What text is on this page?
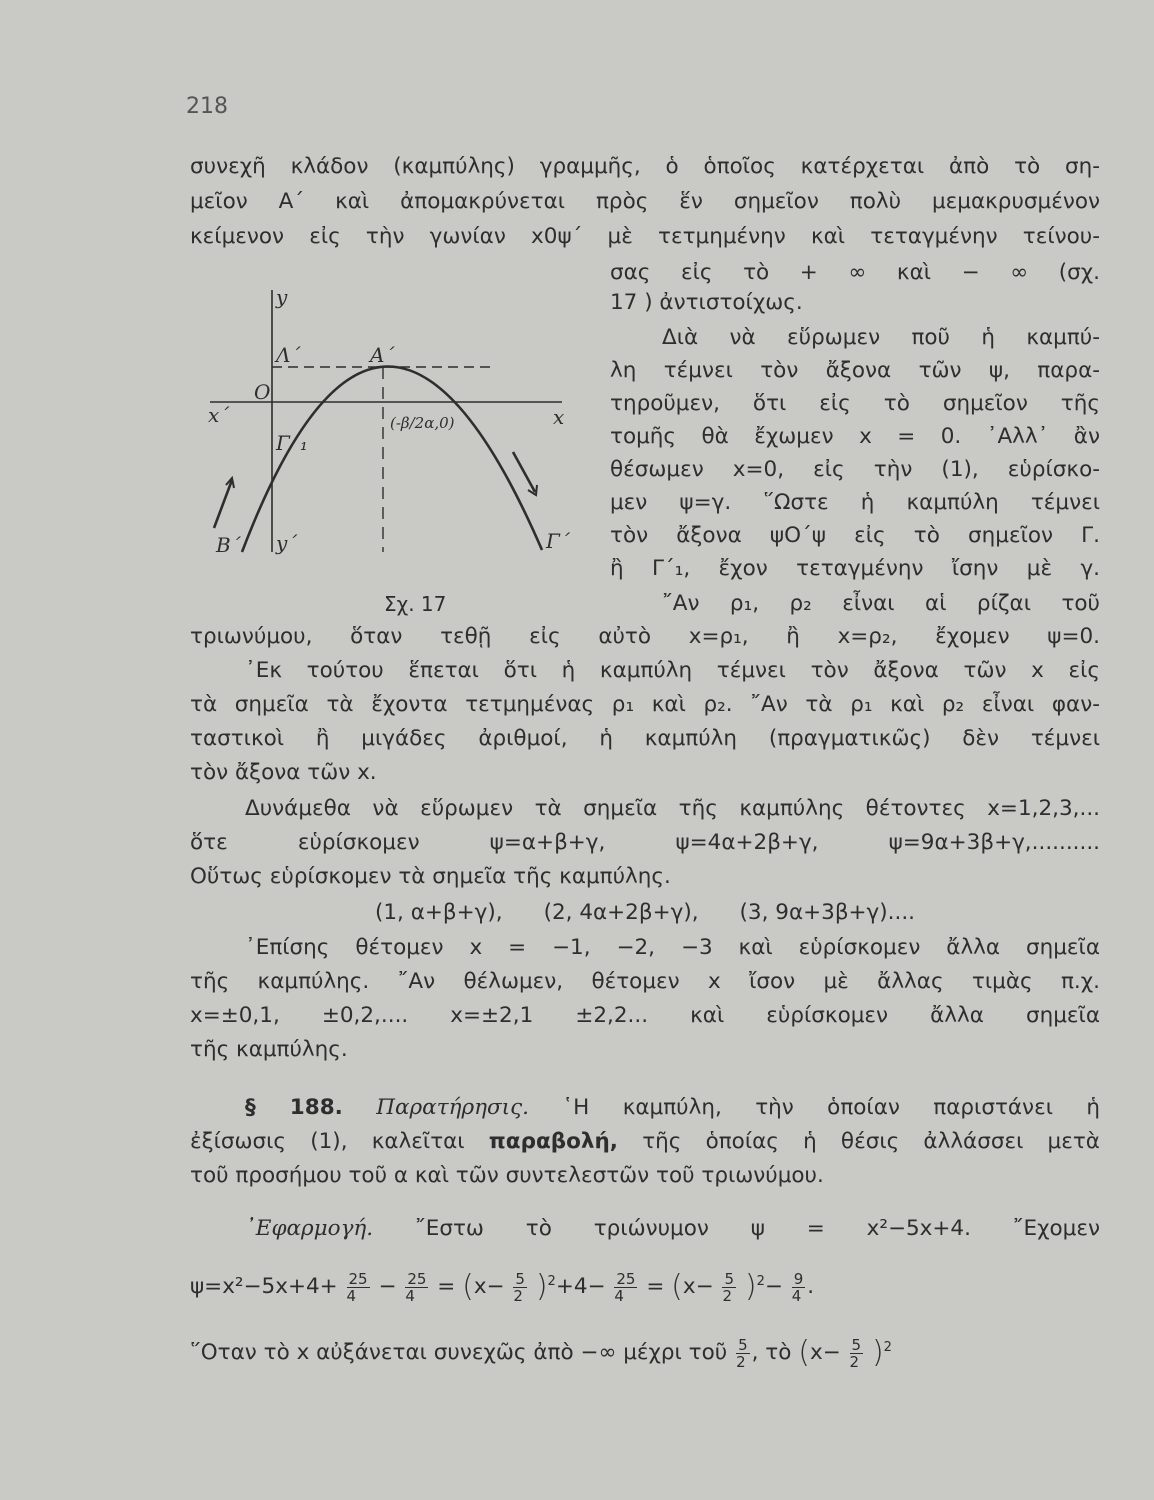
218
συνεχῆ κλάδον (καμπύλης) γραμμῆς, ὁ ὁποῖος κατέρχεται ἀπὸ τὸ ση-
μεῖον Α΄ καὶ ἀπομακρύνεται πρὸς ἕν σημεῖον πολὺ μεμακρυσμένον
κείμενον εἰς τὴν γωνίαν x0ψ΄ μὲ τετμημένην καὶ τεταγμένην τείνου-
σας εἰς τὸ + ∞ καὶ − ∞ (σχ.
17 ) ἀντιστοίχως.
Διὰ νὰ εὕρωμεν ποῦ ἡ καμπύ-
λη τέμνει τὸν ἄξονα τῶν ψ, παρα-
τηροῦμεν, ὅτι εἰς τὸ σημεῖον τῆς
τομῆς θὰ ἔχωμεν x = 0. ᾿Αλλ᾿ ἂν
θέσωμεν x=0, εἰς τὴν (1), εὑρίσκο-
μεν ψ=γ. ῞Ωστε ἡ καμπύλη τέμνει
τὸν ἄξονα ψO΄ψ εἰς τὸ σημεῖον Γ.
ἢ Γ΄₁, ἔχον τεταγμένην ἴσην μὲ γ.
῎Αν ρ₁, ρ₂ εἶναι αἱ ρίζαι τοῦ
y
y΄
x
x΄
O
Λ΄	Α΄
(-β/2α,0)
Γ΄₁
Β΄	Γ΄
Σχ. 17
τριωνύμου, ὅταν τεθῇ εἰς αὐτὸ x=ρ₁, ἢ x=ρ₂, ἔχομεν ψ=0.
᾿Εκ τούτου ἕπεται ὅτι ἡ καμπύλη τέμνει τὸν ἄξονα τῶν x εἰς
τὰ σημεῖα τὰ ἔχοντα τετμημένας ρ₁ καὶ ρ₂. ῎Αν τὰ ρ₁ καὶ ρ₂ εἶναι φαν-
ταστικοὶ ἢ μιγάδες ἀριθμοί, ἡ καμπύλη (πραγματικῶς) δὲν τέμνει
τὸν ἄξονα τῶν x.
Δυνάμεθα νὰ εὕρωμεν τὰ σημεῖα τῆς καμπύλης θέτοντες x=1,2,3,...
ὅτε εὑρίσκομεν ψ=α+β+γ, ψ=4α+2β+γ, ψ=9α+3β+γ,..........
Οὕτως εὑρίσκομεν τὰ σημεῖα τῆς καμπύλης.
(1, α+β+γ),      (2, 4α+2β+γ),      (3, 9α+3β+γ)....
᾿Επίσης θέτομεν x = −1, −2, −3 καὶ εὑρίσκομεν ἄλλα σημεῖα
τῆς καμπύλης. ῎Αν θέλωμεν, θέτομεν x ἴσον μὲ ἄλλας τιμὰς π.χ.
x=±0,1, ±0,2,.... x=±2,1 ±2,2... καὶ εὑρίσκομεν ἄλλα σημεῖα
τῆς καμπύλης.
§ 188. Παρατήρησις. ῾Η καμπύλη, τὴν ὁποίαν παριστάνει ἡ
ἐξίσωσις (1), καλεῖται παραβολή, τῆς ὁποίας ἡ θέσις ἀλλάσσει μετὰ
τοῦ προσήμου τοῦ α καὶ τῶν συντελεστῶν τοῦ τριωνύμου.
᾿Εφαρμογή. ῎Εστω τὸ τριώνυμον ψ = x²−5x+4. ῎Εχομεν
$\psi=x^2-5x+4+ \frac{25}{4} - \frac{25}{4} = (x- \frac{5}{2} )^2+4- \frac{25}{4} = (x- \frac{5}{2} )^2- \frac{9}{4}$ .
῞Οταν τὸ x αὐξάνεται συνεχῶς ἀπὸ −∞ μέχρι τοῦ $\frac{5}{2}$ , τὸ $(x- \frac{5}{2} )^2$
